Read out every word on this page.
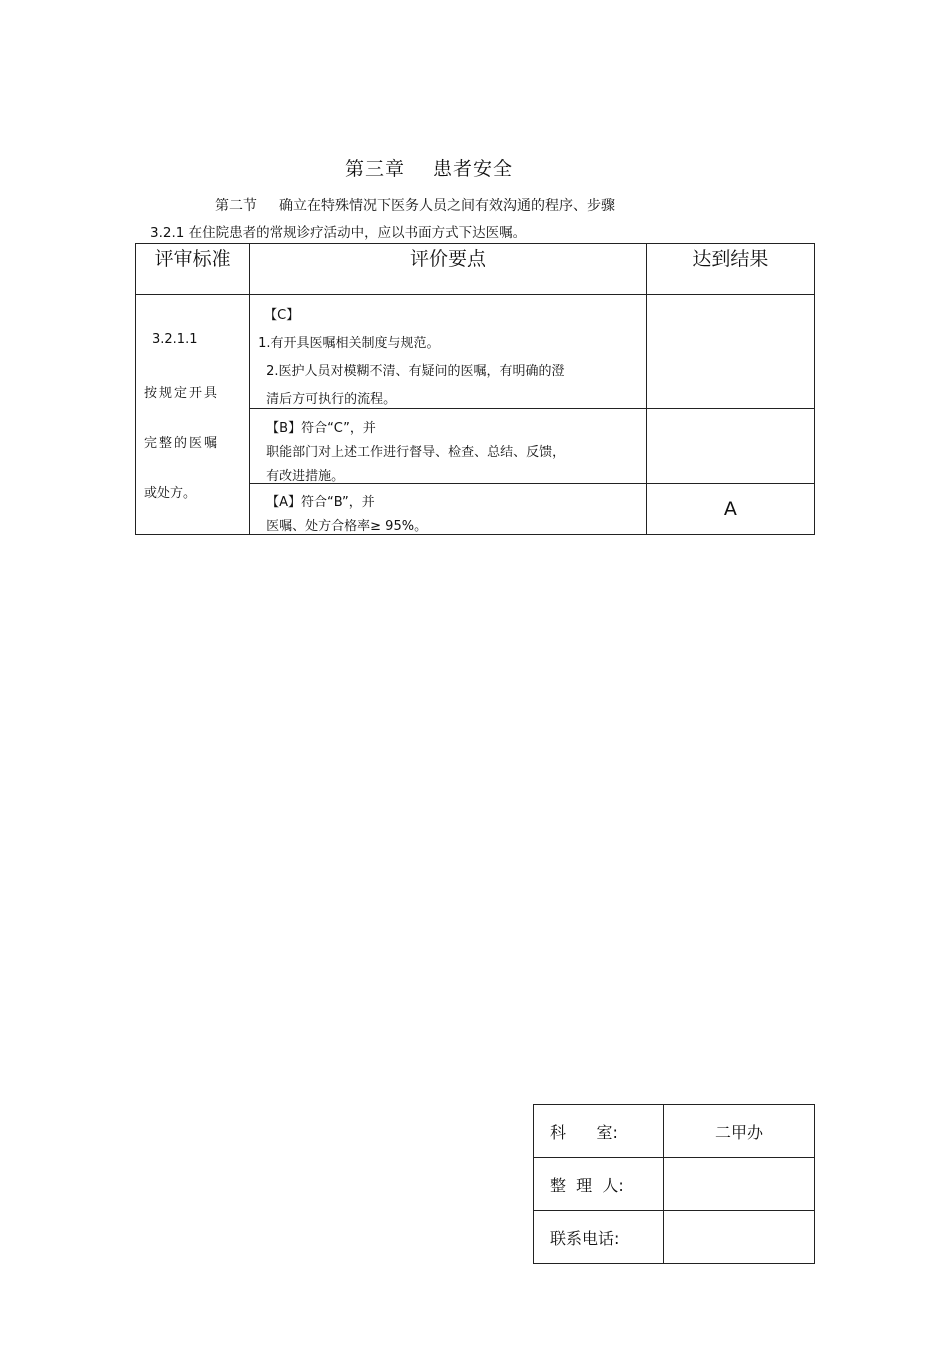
第三章 患者安全
第二节 确立在特殊情况下医务人员之间有效沟通的程序、步骤
3.2.1 在住院患者的常规诊疗活动中，应以书面方式下达医嘱。
评审标准	评价要点	达到结果

3.2.1.1
按规定开具
完整的医嘱
或处方。	【C】
1.有开具医嘱相关制度与规范。
2.医护人员对模糊不清、有疑问的医嘱，有明确的澄
清后方可执行的流程。	

	【B】符合“C”，并
职能部门对上述工作进行督导、检查、总结、反馈，
有改进措施。	

	【A】符合“B”，并
医嘱、处方合格率≥ 95%。	A
科      室:	二甲办
整  理  人:	
联系电话:	
